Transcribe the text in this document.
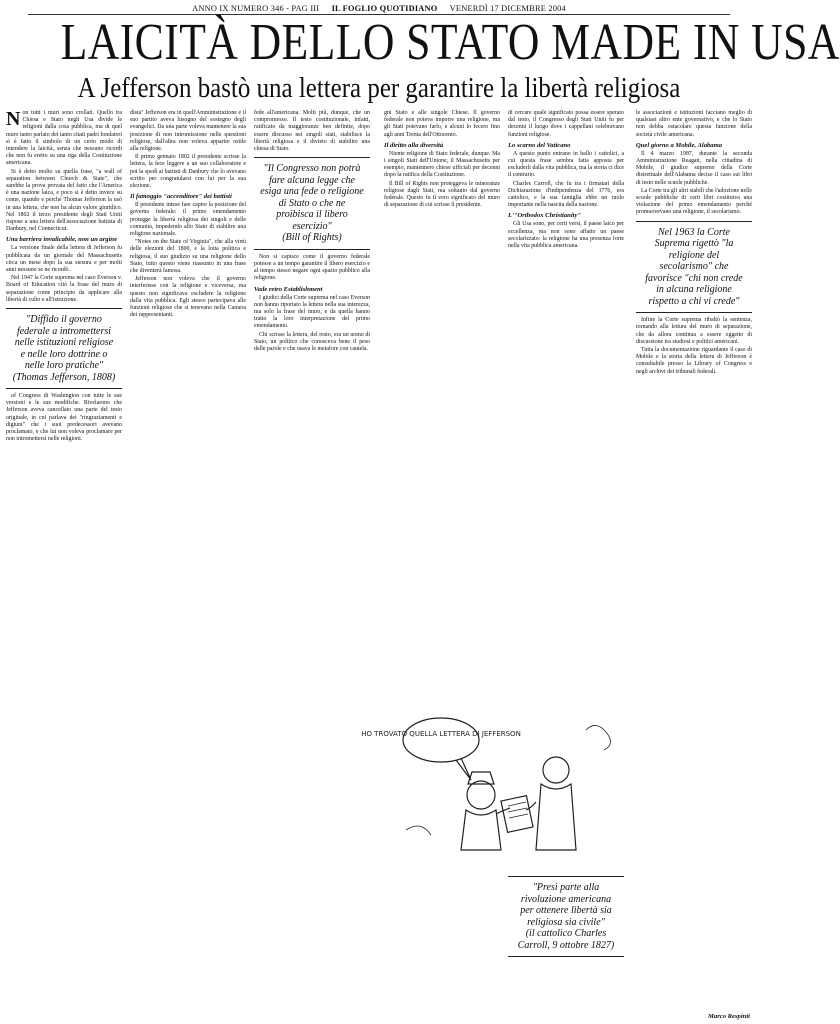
ANNO IX NUMERO 346 - PAG III IL FOGLIO QUOTIDIANO VENERDÌ 17 DICEMBRE 2004
LAICITÀ DELLO STATO MADE IN USA
A Jefferson bastò una lettera per garantire la libertà religiosa

Non tutti i muri sono crollati. Quello tra Chiesa e Stato negli Usa divide le religioni dalla cosa pubblica, ma di quel muro tanto parlato dei tanto citati padri fondatori si è fatto il simbolo di un certo modo di intendere la laicità, senza che nessuno ricordi che non fu eretto su una riga della Costituzione americana.

Si è detto molto su quella frase, "a wall of separation between Church & State", che sarebbe la prova provata del fatto che l'America è una nazione laica, e poco si è detto invece su come, quando e perché Thomas Jefferson la usò in una lettera, che non ha alcun valore giuridico. Nel 1802 il terzo presidente degli Stati Uniti rispose a una lettera dell'associazione battista di Danbury, nel Connecticut.

Una barriera invalicabile, non un argine

La versione finale della lettera di Jefferson fu pubblicata da un giornale del Massachusetts circa un mese dopo la sua stesura e per molti anni nessuno se ne ricordò.

Nel 1947 la Corte suprema nel caso Everson v. Board of Education citò la frase del muro di separazione come principio da applicare alla libertà di culto e all'istruzione.

"Diffido il governo federale a intromettersi nelle istituzioni religiose e nelle loro dottrine o nelle loro pratiche"
(Thomas Jefferson, 1808)

of Congress di Washington con tutte le sue versioni e le sue modifiche. Rivelarono che Jefferson aveva cancellato una parte del testo originale, in cui parlava dei "ringraziamenti e digiuni" che i suoi predecessori avevano proclamato, e che lui non voleva proclamare per non intromettersi nelle religioni.

dista" Jefferson era in quell'Amministrazione e il suo partito aveva bisogno del sostegno degli evangelici. Da una parte voleva mantenere la sua posizione di non intromissione nelle questioni religiose, dall'altra non voleva apparire ostile alla religione.

Il primo gennaio 1802 il presidente scrisse la lettera, la fece leggere a un suo collaboratore e poi la spedì ai battisti di Danbury che lo avevano scritto per congratularsi con lui per la sua elezione.

Il famoggio "accenditore" dei battisti

Il presidente intese fare capire la posizione del governo federale: il primo emendamento protegge la libertà religiosa dei singoli e delle comunità, impedendo allo Stato di stabilire una religione nazionale.

"Notes on the State of Virginia", che alla virtù delle elezioni del 1800, e la lotta politica e religiosa, il suo giudizio su una religione dello Stato, tutto questo viene riassunto in una frase che diventerà famosa.

Jefferson non voleva che il governo interferisse con la religione e viceversa, ma questo non significava escludere la religione dalla vita pubblica. Egli stesso partecipava alle funzioni religiose che si tenevano nella Camera dei rappresentanti.

fede all'americana. Molti più, dunque, che un compromesso. Il testo costituzionale, infatti, ratificato da maggioranze ben definite, dopo essere discusso nei singoli stati, stabilisce la libertà religiosa e il divieto di stabilire una chiesa di Stato.

"Il Congresso non potrà fare alcuna legge che esiga una fede o religione di Stato o che ne proibisca il libero esercizio"
(Bill of Rights)

Non si capisce come il governo federale potesse a un tempo garantire il libero esercizio e al tempo stesso negare ogni spazio pubblico alla religione.

Vade retro Establishment

I giudici della Corte suprema nel caso Everson non hanno riportato la lettera nella sua interezza, ma solo la frase del muro, e da quella hanno tratto la loro interpretazione del primo emendamento.

Chi scrisse la lettera, del resto, era un uomo di Stato, un politico che conosceva bene il peso delle parole e che usava le metafore con cautela.

gni Stato e alle singole Chiese. Il governo federale non poteva imporre una religione, ma gli Stati potevano farlo, e alcuni lo fecero fino agli anni Trenta dell'Ottocento.

Il diritto alla diversità

Niente religione di Stato federale, dunque. Ma i singoli Stati dell'Unione, il Massachusetts per esempio, mantennero chiese ufficiali per decenni dopo la ratifica della Costituzione.

Il Bill of Rights non proteggeva le minoranze religiose dagli Stati, ma soltanto dal governo federale. Questo fu il vero significato del muro di separazione di cui scrisse il presidente.

di cercare quale significato possa essere sperato dal testo, il Congresso degli Stati Uniti fu per decenni il luogo dove i cappellani celebravano funzioni religiose.

Lo scarno del Vaticano

A questo punto entrano in ballo i cattolici, a cui questa frase sembra fatta apposta per escluderli dalla vita pubblica, ma la storia ci dice il contrario.

Charles Carroll, che fu tra i firmatari della Dichiarazione d'indipendenza del 1776, era cattolico, e la sua famiglia ebbe un ruolo importante nella nascita della nazione.

L'"Orthodox Christianity"

Gli Usa sono, per certi versi, il paese laico per eccellenza, ma non sono affatto un paese secolarizzato: la religione ha una presenza forte nella vita pubblica americana.

"Presi parte alla rivoluzione americana per ottenere libertà sia religiosa sia civile"
(il cattolico Charles Carroll, 9 ottobre 1827)

le associazioni e istituzioni facciano meglio di qualsiasi altro ente governativo, e che lo Stato non debba ostacolare questa funzione della società civile americana.

Quel giorno a Mobile, Alabama

Il 4 marzo 1987, durante la seconda Amministrazione Reagan, nella cittadina di Mobile, il giudice supremo della Corte distrettuale dell'Alabama decise il caso sui libri di testo nelle scuole pubbliche.

La Corte tra gli altri stabilì che l'adozione nelle scuole pubbliche di certi libri costituiva una violazione del primo emendamento perché promuovevano una religione, il secolarismo.

Nel 1963 la Corte Suprema rigettò "la religione del secolarismo" che favorisce "chi non crede in alcuna religione rispetto a chi vi crede"

Infine la Corte suprema ribaltò la sentenza, tornando alla lettura del muro di separazione, che da allora continua a essere oggetto di discussione tra studiosi e politici americani.

Tutta la documentazione riguardante il caso di Mobile e la storia della lettera di Jefferson è consultabile presso la Library of Congress e negli archivi dei tribunali federali.

HO TROVATO QUELLA LETTERA DI JEFFERSON
Marco Respinti
